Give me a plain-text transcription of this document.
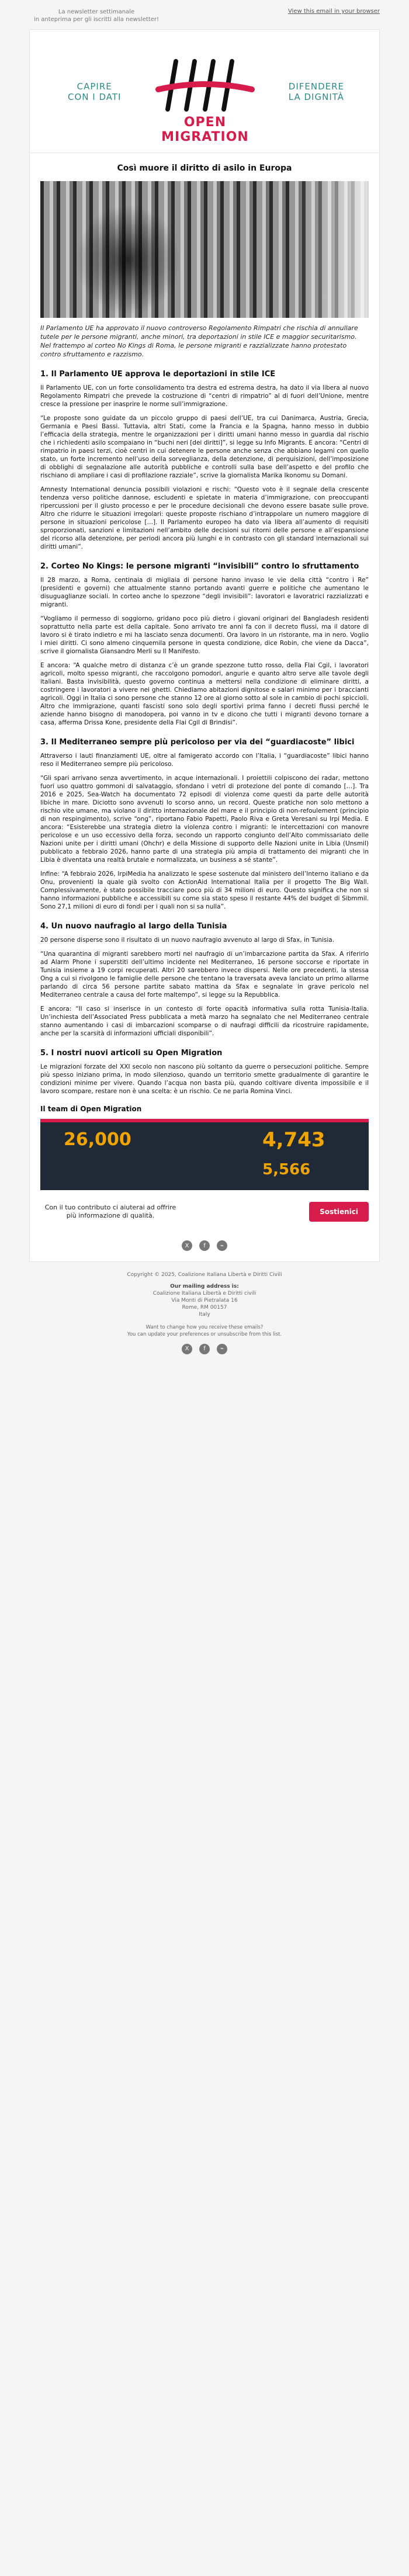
La newsletter settimanale
in anteprima per gli iscritti alla newsletter!
View this email in your browser
CAPIRE
CON I DATI
OPEN MIGRATION
DIFENDERE
LA DIGNITÀ
Così muore il diritto di asilo in Europa
Il Parlamento UE ha approvato il nuovo controverso Regolamento Rimpatri che rischia di annullare tutele per le persone migranti, anche minori, tra deportazioni in stile ICE e maggior securitarismo. Nel frattempo al corteo No Kings di Roma, le persone migranti e razzializzate hanno protestato contro sfruttamento e razzismo.
1. Il Parlamento UE approva le deportazioni in stile ICE

Il Parlamento UE, con un forte consolidamento tra destra ed estrema destra, ha dato il via libera al nuovo Regolamento Rimpatri che prevede la costruzione di “centri di rimpatrio” al di fuori dell’Unione, mentre cresce la pressione per inasprire le norme sull’immigrazione.

“Le proposte sono guidate da un piccolo gruppo di paesi dell’UE, tra cui Danimarca, Austria, Grecia, Germania e Paesi Bassi. Tuttavia, altri Stati, come la Francia e la Spagna, hanno messo in dubbio l’efficacia della strategia, mentre le organizzazioni per i diritti umani hanno messo in guardia dal rischio che i richiedenti asilo scompaiano in “buchi neri [dei diritti]”, si legge su Info Migrants. E ancora: “Centri di rimpatrio in paesi terzi, cioè centri in cui detenere le persone anche senza che abbiano legami con quello stato, un forte incremento nell’uso della sorveglianza, della detenzione, di perquisizioni, dell’imposizione di obblighi di segnalazione alle autorità pubbliche e controlli sulla base dell’aspetto e del profilo che rischiano di ampliare i casi di profilazione razziale”, scrive la giornalista Marika Ikonomu su Domani.

Amnesty International denuncia possibili violazioni e rischi: “Questo voto è il segnale della crescente tendenza verso politiche dannose, escludenti e spietate in materia d’immigrazione, con preoccupanti ripercussioni per il giusto processo e per le procedure decisionali che devono essere basate sulle prove. Altro che ridurre le situazioni irregolari: queste proposte rischiano d’intrappolare un numero maggiore di persone in situazioni pericolose […]. Il Parlamento europeo ha dato via libera all’aumento di requisiti sproporzionati, sanzioni e limitazioni nell’ambito delle decisioni sui ritorni delle persone e all’espansione del ricorso alla detenzione, per periodi ancora più lunghi e in contrasto con gli standard internazionali sui diritti umani”.

2. Corteo No Kings: le persone migranti “invisibili” contro lo sfruttamento

Il 28 marzo, a Roma, centinaia di migliaia di persone hanno invaso le vie della città “contro i Re” (presidenti e governi) che attualmente stanno portando avanti guerre e politiche che aumentano le disuguaglianze sociali. In corteo anche lo spezzone “degli invisibili”: lavoratori e lavoratrici razzializzati e migranti.

“Vogliamo il permesso di soggiorno, gridano poco più dietro i giovani originari del Bangladesh residenti soprattutto nella parte est della capitale. Sono arrivato tre anni fa con il decreto flussi, ma il datore di lavoro si è tirato indietro e mi ha lasciato senza documenti. Ora lavoro in un ristorante, ma in nero. Voglio i miei diritti. Ci sono almeno cinquemila persone in questa condizione, dice Robin, che viene da Dacca”, scrive il giornalista Giansandro Merli su Il Manifesto.

E ancora: “A qualche metro di distanza c’è un grande spezzone tutto rosso, della Flai Cgil, i lavoratori agricoli, molto spesso migranti, che raccolgono pomodori, angurie e quanto altro serve alle tavole degli italiani. Basta invisibilità, questo governo continua a mettersi nella condizione di eliminare diritti, a costringere i lavoratori a vivere nei ghetti. Chiediamo abitazioni dignitose e salari minimo per i braccianti agricoli. Oggi in Italia ci sono persone che stanno 12 ore al giorno sotto al sole in cambio di pochi spiccioli. Altro che immigrazione, quanti fascisti sono solo degli sportivi prima fanno i decreti flussi perché le aziende hanno bisogno di manodopera, poi vanno in tv e dicono che tutti i migranti devono tornare a casa, afferma Drissa Kone, presidente della Flai Cgil di Brindisi”.

3. Il Mediterraneo sempre più pericoloso per via dei “guardiacoste” libici

Attraverso i lauti finanziamenti UE, oltre al famigerato accordo con l’Italia, i “guardiacoste” libici hanno reso il Mediterraneo sempre più pericoloso.

“Gli spari arrivano senza avvertimento, in acque internazionali. I proiettili colpiscono dei radar, mettono fuori uso quattro gommoni di salvataggio, sfondano i vetri di protezione del ponte di comando […]. Tra 2016 e 2025, Sea-Watch ha documentato 72 episodi di violenza come questi da parte delle autorità libiche in mare. Diciotto sono avvenuti lo scorso anno, un record. Queste pratiche non solo mettono a rischio vite umane, ma violano il diritto internazionale del mare e il principio di non-refoulement (principio di non respingimento), scrive “ong”, riportano Fabio Papetti, Paolo Riva e Greta Veresani su Irpi Media. E ancora: “Esisterebbe una strategia dietro la violenza contro i migranti: le intercettazioni con manovre pericolose e un uso eccessivo della forza, secondo un rapporto congiunto dell’Alto commissariato delle Nazioni unite per i diritti umani (Ohchr) e della Missione di supporto delle Nazioni unite in Libia (Unsmil) pubblicato a febbraio 2026, hanno parte di una strategia più ampia di trattamento dei migranti che in Libia è diventata una realtà brutale e normalizzata, un business a sé stante”.

Infine: “A febbraio 2026, IrpiMedia ha analizzato le spese sostenute dal ministero dell’Interno italiano e da Onu, provenienti la quale già svolto con ActionAid International Italia per il progetto The Big Wall. Complessivamente, è stato possibile tracciare poco più di 34 milioni di euro. Questo significa che non si hanno informazioni pubbliche e accessibili su come sia stato speso il restante 44% del budget di Sibmmil. Sono 27,1 milioni di euro di fondi per i quali non si sa nulla”.

4. Un nuovo naufragio al largo della Tunisia

20 persone disperse sono il risultato di un nuovo naufragio avvenuto al largo di Sfax, in Tunisia.

“Una quarantina di migranti sarebbero morti nel naufragio di un’imbarcazione partita da Sfax. A riferirlo ad Alarm Phone i superstiti dell’ultimo incidente nel Mediterraneo, 16 persone soccorse e riportate in Tunisia insieme a 19 corpi recuperati. Altri 20 sarebbero invece dispersi. Nelle ore precedenti, la stessa Ong a cui si rivolgono le famiglie delle persone che tentano la traversata aveva lanciato un primo allarme parlando di circa 56 persone partite sabato mattina da Sfax e segnalate in grave pericolo nel Mediterraneo centrale a causa del forte maltempo”, si legge su la Repubblica.

E ancora: “Il caso si inserisce in un contesto di forte opacità informativa sulla rotta Tunisia-Italia. Un’inchiesta dell’Associated Press pubblicata a metà marzo ha segnalato che nel Mediterraneo centrale stanno aumentando i casi di imbarcazioni scomparse o di naufragi difficili da ricostruire rapidamente, anche per la scarsità di informazioni ufficiali disponibili”.

5. I nostri nuovi articoli su Open Migration

Le migrazioni forzate del XXI secolo non nascono più soltanto da guerre o persecuzioni politiche. Sempre più spesso iniziano prima, in modo silenzioso, quando un territorio smette gradualmente di garantire le condizioni minime per vivere. Quando l’acqua non basta più, quando coltivare diventa impossibile e il lavoro scompare, restare non è una scelta: è un rischio. Ce ne parla Romina Vinci.

Il team di Open Migration
26,000	4,743
5,566
Con il tuo contributo ci aiuterai ad offrire più informazione di qualità.	Sostienici
X	f	⌁
Copyright © 2025, Coalizione Italiana Libertà e Diritti Civili
Our mailing address is:
Coalizione Italiana Libertà e Diritti civili
Via Monti di Pietralata 16
Rome, RM 00157
Italy
Want to change how you receive these emails?
You can update your preferences or unsubscribe from this list.
X	f	⌁
